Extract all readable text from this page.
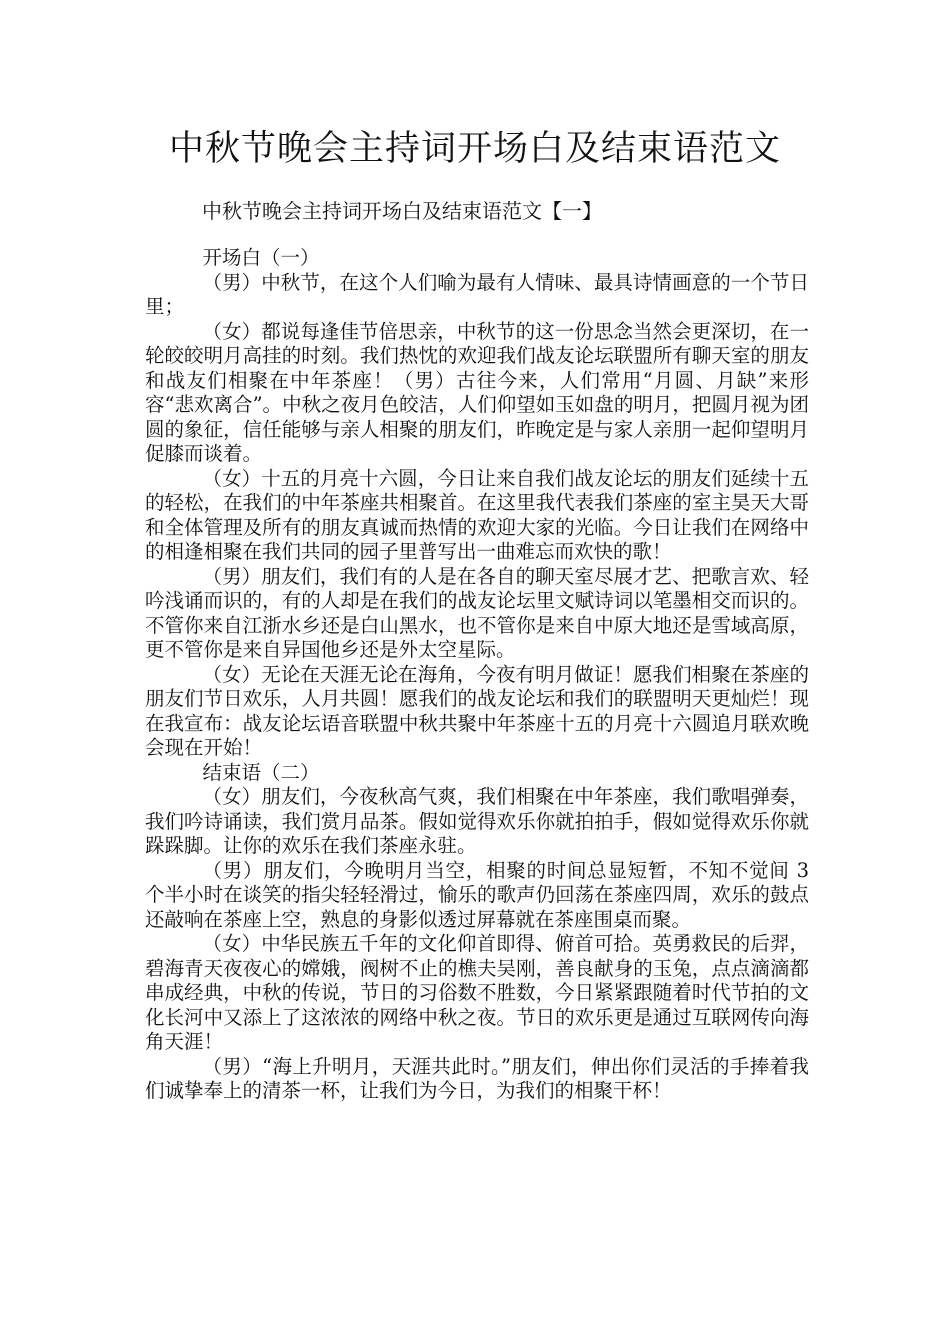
中秋节晚会主持词开场白及结束语范文
中秋节晚会主持词开场白及结束语范文【一】

开场白（一）

（男）中秋节，在这个人们喻为最有人情味、最具诗情画意的一个节日里；

（女）都说每逢佳节倍思亲，中秋节的这一份思念当然会更深切，在一轮皎皎明月高挂的时刻。我们热忱的欢迎我们战友论坛联盟所有聊天室的朋友和战友们相聚在中年茶座！（男）古往今来，人们常用“月圆、月缺”来形容“悲欢离合”。中秋之夜月色皎洁，人们仰望如玉如盘的明月，把圆月视为团圆的象征，信任能够与亲人相聚的朋友们，昨晚定是与家人亲朋一起仰望明月促膝而谈着。

（女）十五的月亮十六圆，今日让来自我们战友论坛的朋友们延续十五的轻松，在我们的中年茶座共相聚首。在这里我代表我们茶座的室主昊天大哥和全体管理及所有的朋友真诚而热情的欢迎大家的光临。今日让我们在网络中的相逢相聚在我们共同的园子里普写出一曲难忘而欢快的歌！

（男）朋友们，我们有的人是在各自的聊天室尽展才艺、把歌言欢、轻吟浅诵而识的，有的人却是在我们的战友论坛里文赋诗词以笔墨相交而识的。不管你来自江浙水乡还是白山黑水，也不管你是来自中原大地还是雪域高原，更不管你是来自异国他乡还是外太空星际。

（女）无论在天涯无论在海角，今夜有明月做证！愿我们相聚在茶座的朋友们节日欢乐，人月共圆！愿我们的战友论坛和我们的联盟明天更灿烂！现在我宣布：战友论坛语音联盟中秋共聚中年茶座十五的月亮十六圆追月联欢晚会现在开始！

结束语（二）

（女）朋友们，今夜秋高气爽，我们相聚在中年茶座，我们歌唱弹奏，我们吟诗诵读，我们赏月品茶。假如觉得欢乐你就拍拍手，假如觉得欢乐你就跺跺脚。让你的欢乐在我们茶座永驻。

（男）朋友们，今晚明月当空，相聚的时间总显短暂，不知不觉间 3 个半小时在谈笑的指尖轻轻滑过，愉乐的歌声仍回荡在茶座四周，欢乐的鼓点还敲响在茶座上空，熟息的身影似透过屏幕就在茶座围桌而聚。

（女）中华民族五千年的文化仰首即得、俯首可拾。英勇救民的后羿，碧海青天夜夜心的嫦娥，阀树不止的樵夫吴刚，善良献身的玉兔，点点滴滴都串成经典，中秋的传说，节日的习俗数不胜数，今日紧紧跟随着时代节拍的文化长河中又添上了这浓浓的网络中秋之夜。节日的欢乐更是通过互联网传向海角天涯！

（男）“海上升明月，天涯共此时。”朋友们，伸出你们灵活的手捧着我们诚挚奉上的清茶一杯，让我们为今日，为我们的相聚干杯！
